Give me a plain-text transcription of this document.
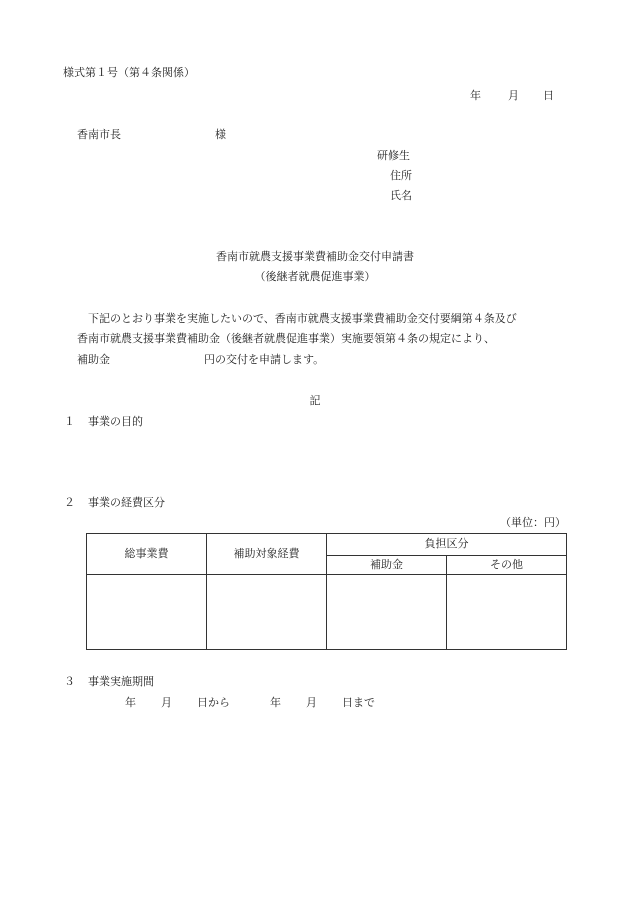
様式第１号（第４条関係）
年 月 日
香南市長	様
研修生
住所
氏名
香南市就農支援事業費補助金交付申請書
（後継者就農促進事業）
下記のとおり事業を実施したいので、香南市就農支援事業費補助金交付要綱第４条及び
香南市就農支援事業費補助金（後継者就農促進事業）実施要領第４条の規定により、
補助金	円の交付を申請します。
記
１ 事業の目的
２ 事業の経費区分
（単位：円）
総事業費	補助対象経費	負担区分	
		補助金	その他

３ 事業実施期間
年 月 日から	年 月 日まで
